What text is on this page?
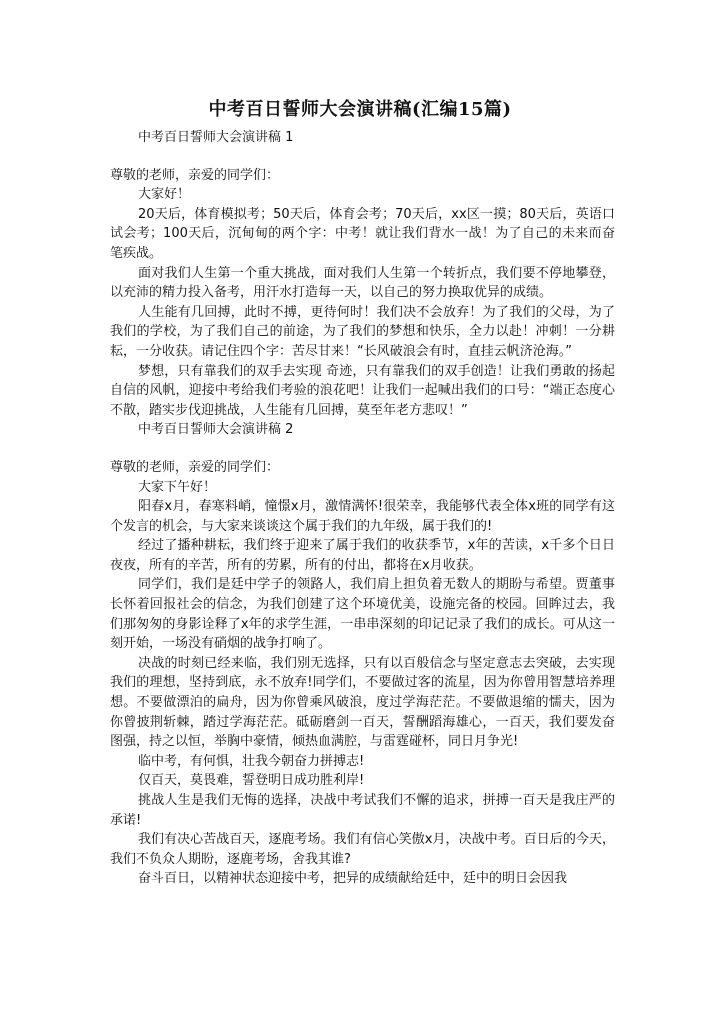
中考百日誓师大会演讲稿(汇编15篇)

中考百日誓师大会演讲稿 1

尊敬的老师，亲爱的同学们：

大家好！

20天后，体育模拟考；50天后，体育会考；70天后，xx区一摸；80天后，英语口试会考；100天后，沉甸甸的两个字：中考！就让我们背水一战！为了自己的未来而奋笔疾战。

面对我们人生第一个重大挑战，面对我们人生第一个转折点，我们要不停地攀登，以充沛的精力投入备考，用汗水打造每一天，以自己的努力换取优异的成绩。

人生能有几回搏，此时不搏，更待何时！我们决不会放弃！为了我们的父母，为了我们的学校，为了我们自己的前途，为了我们的梦想和快乐，全力以赴！冲刺！一分耕耘，一分收获。请记住四个字：苦尽甘来！“长风破浪会有时，直挂云帆济沧海。”

梦想，只有靠我们的双手去实现 奇迹，只有靠我们的双手创造！让我们勇敢的扬起自信的风帆，迎接中考给我们考验的浪花吧！让我们一起喊出我们的口号：“端正态度心不散，踏实步伐迎挑战，人生能有几回搏，莫至年老方悲叹！”

中考百日誓师大会演讲稿 2

尊敬的老师，亲爱的同学们：

大家下午好！

阳春x月，春寒料峭，憧憬x月，激情满怀!很荣幸，我能够代表全体x班的同学有这个发言的机会，与大家来谈谈这个属于我们的九年级，属于我们的!

经过了播种耕耘，我们终于迎来了属于我们的收获季节，x年的苦读，x千多个日日夜夜，所有的辛苦，所有的劳累，所有的付出，都将在x月收获。

同学们，我们是廷中学子的领路人，我们肩上担负着无数人的期盼与希望。贾董事长怀着回报社会的信念，为我们创建了这个环境优美，设施完备的校园。回眸过去，我们那匆匆的身影诠释了x年的求学生涯，一串串深刻的印记记录了我们的成长。可从这一刻开始，一场没有硝烟的战争打响了。

决战的时刻已经来临，我们别无选择，只有以百般信念与坚定意志去突破，去实现我们的理想，坚持到底，永不放弃!同学们，不要做过客的流星，因为你曾用智慧培养理想。不要做漂泊的扁舟，因为你曾乘风破浪，度过学海茫茫。不要做退缩的懦夫，因为你曾披荆斩棘，踏过学海茫茫。砥砺磨剑一百天，誓酬蹈海雄心，一百天，我们要发奋图强，持之以恒，举胸中豪情，倾热血满腔，与雷霆碰杯，同日月争光!

临中考，有何惧，壮我今朝奋力拼搏志!

仅百天，莫畏难，誓登明日成功胜利岸!

挑战人生是我们无悔的选择，决战中考试我们不懈的追求，拼搏一百天是我庄严的承诺!

我们有决心苦战百天，逐鹿考场。我们有信心笑傲x月，决战中考。百日后的今天，我们不负众人期盼，逐鹿考场，舍我其谁?

奋斗百日，以精神状态迎接中考，把异的成绩献给廷中，廷中的明日会因我
